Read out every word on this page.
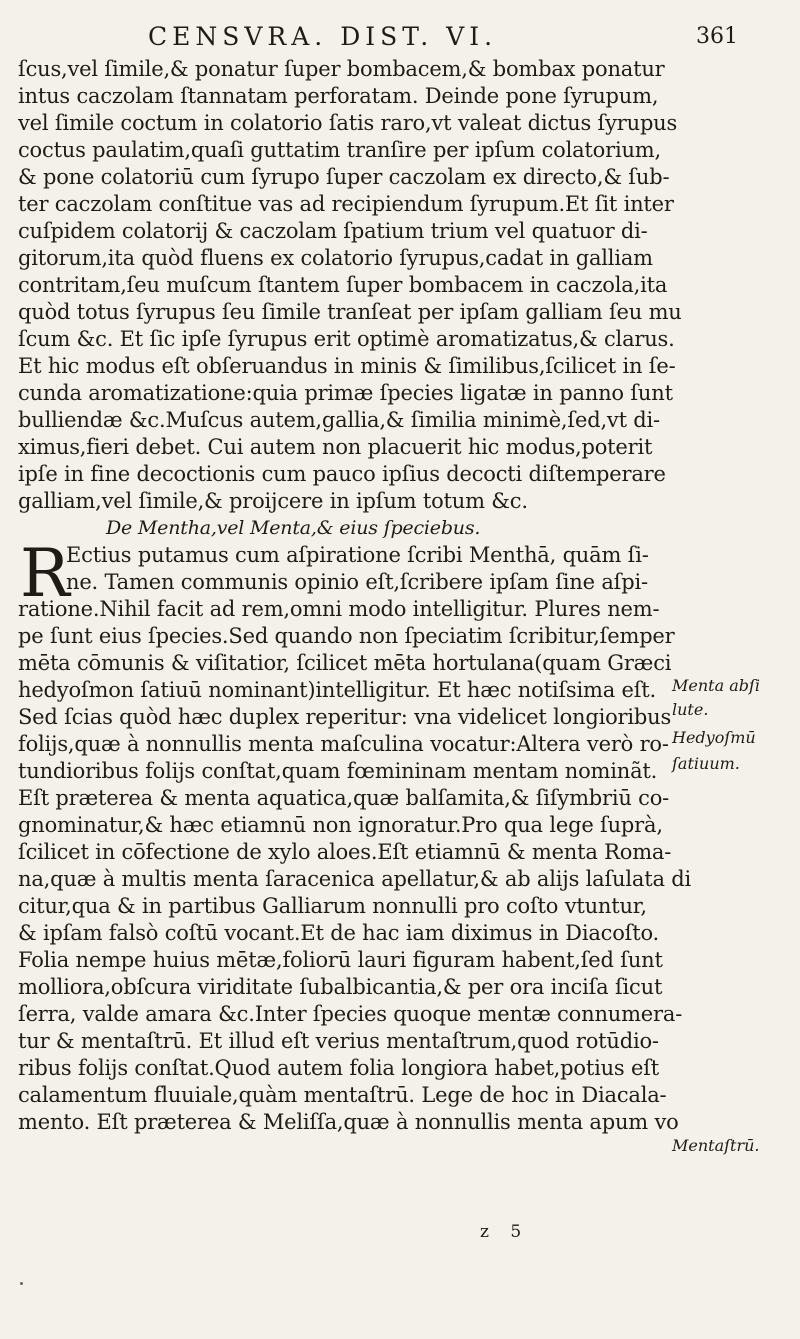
CENSVRA. DIST. VI.	361
ſcus,vel ſimile,& ponatur ſuper bombacem,& bombax ponatur
intus caczolam ſtannatam perforatam. Deinde pone ſyrupum,
vel ſimile coctum in colatorio ſatis raro,vt valeat dictus ſyrupus
coctus paulatim,quaſi guttatim tranſire per ipſum colatorium,
& pone colatoriū cum ſyrupo ſuper caczolam ex directo,& ſub-
ter caczolam conſtitue vas ad recipiendum ſyrupum.Et ſit inter
cuſpidem colatorij & caczolam ſpatium trium vel quatuor di-
gitorum,ita quòd fluens ex colatorio ſyrupus,cadat in galliam
contritam,ſeu muſcum ſtantem ſuper bombacem in caczola,ita
quòd totus ſyrupus ſeu ſimile tranſeat per ipſam galliam ſeu mu
ſcum &c. Et ſic ipſe ſyrupus erit optimè aromatizatus,& clarus.
Et hic modus eſt obſeruandus in minis & ſimilibus,ſcilicet in ſe-
cunda aromatizatione:quia primæ ſpecies ligatæ in panno ſunt
bulliendæ &c.Muſcus autem,gallia,& ſimilia minimè,ſed,vt di-
ximus,fieri debet. Cui autem non placuerit hic modus,poterit
ipſe in fine decoctionis cum pauco ipſius decocti diſtemperare
galliam,vel ſimile,& proijcere in ipſum totum &c.
De Mentha,vel Menta,& eius ſpeciebus.
R
Ectius putamus cum aſpiratione ſcribi Menthā, quām ſi-
ne. Tamen communis opinio eſt,ſcribere ipſam ſine aſpi-
ratione.Nihil facit ad rem,omni modo intelligitur. Plures nem-
pe ſunt eius ſpecies.Sed quando non ſpeciatim ſcribitur,ſemper
mēta cōmunis & viſitatior, ſcilicet mēta hortulana(quam Græci
hedyoſmon ſatiuū nominant)intelligitur. Et hæc notiſsima eſt.
Sed ſcias quòd hæc duplex reperitur: vna videlicet longioribus
folijs,quæ à nonnullis menta maſculina vocatur:Altera verò ro-
tundioribus folijs conſtat,quam fœmininam mentam nominãt.
Eſt præterea & menta aquatica,quæ balſamita,& ſiſymbriū co-
gnominatur,& hæc etiamnū non ignoratur.Pro qua lege ſuprà,
ſcilicet in cōfectione de xylo aloes.Eſt etiamnū & menta Roma-
na,quæ à multis menta ſaracenica apellatur,& ab alijs laſulata di
citur,qua & in partibus Galliarum nonnulli pro coſto vtuntur,
& ipſam falsò coſtū vocant.Et de hac iam diximus in Diacoſto.
Folia nempe huius mētæ,foliorū lauri figuram habent,ſed ſunt
molliora,obſcura viriditate ſubalbicantia,& per ora inciſa ſicut
ſerra, valde amara &c.Inter ſpecies quoque mentæ connumera-
tur & mentaſtrū. Et illud eſt verius mentaſtrum,quod rotūdio-
ribus folijs conſtat.Quod autem folia longiora habet,potius eſt
calamentum fluuiale,quàm mentaſtrū. Lege de hoc in Diacala-
mento. Eſt præterea & Meliſſa,quæ à nonnullis menta apum vo
Menta abſi
lute.
Hedyoſmū
ſatiuum.
Mentaſtrū.
z 5
